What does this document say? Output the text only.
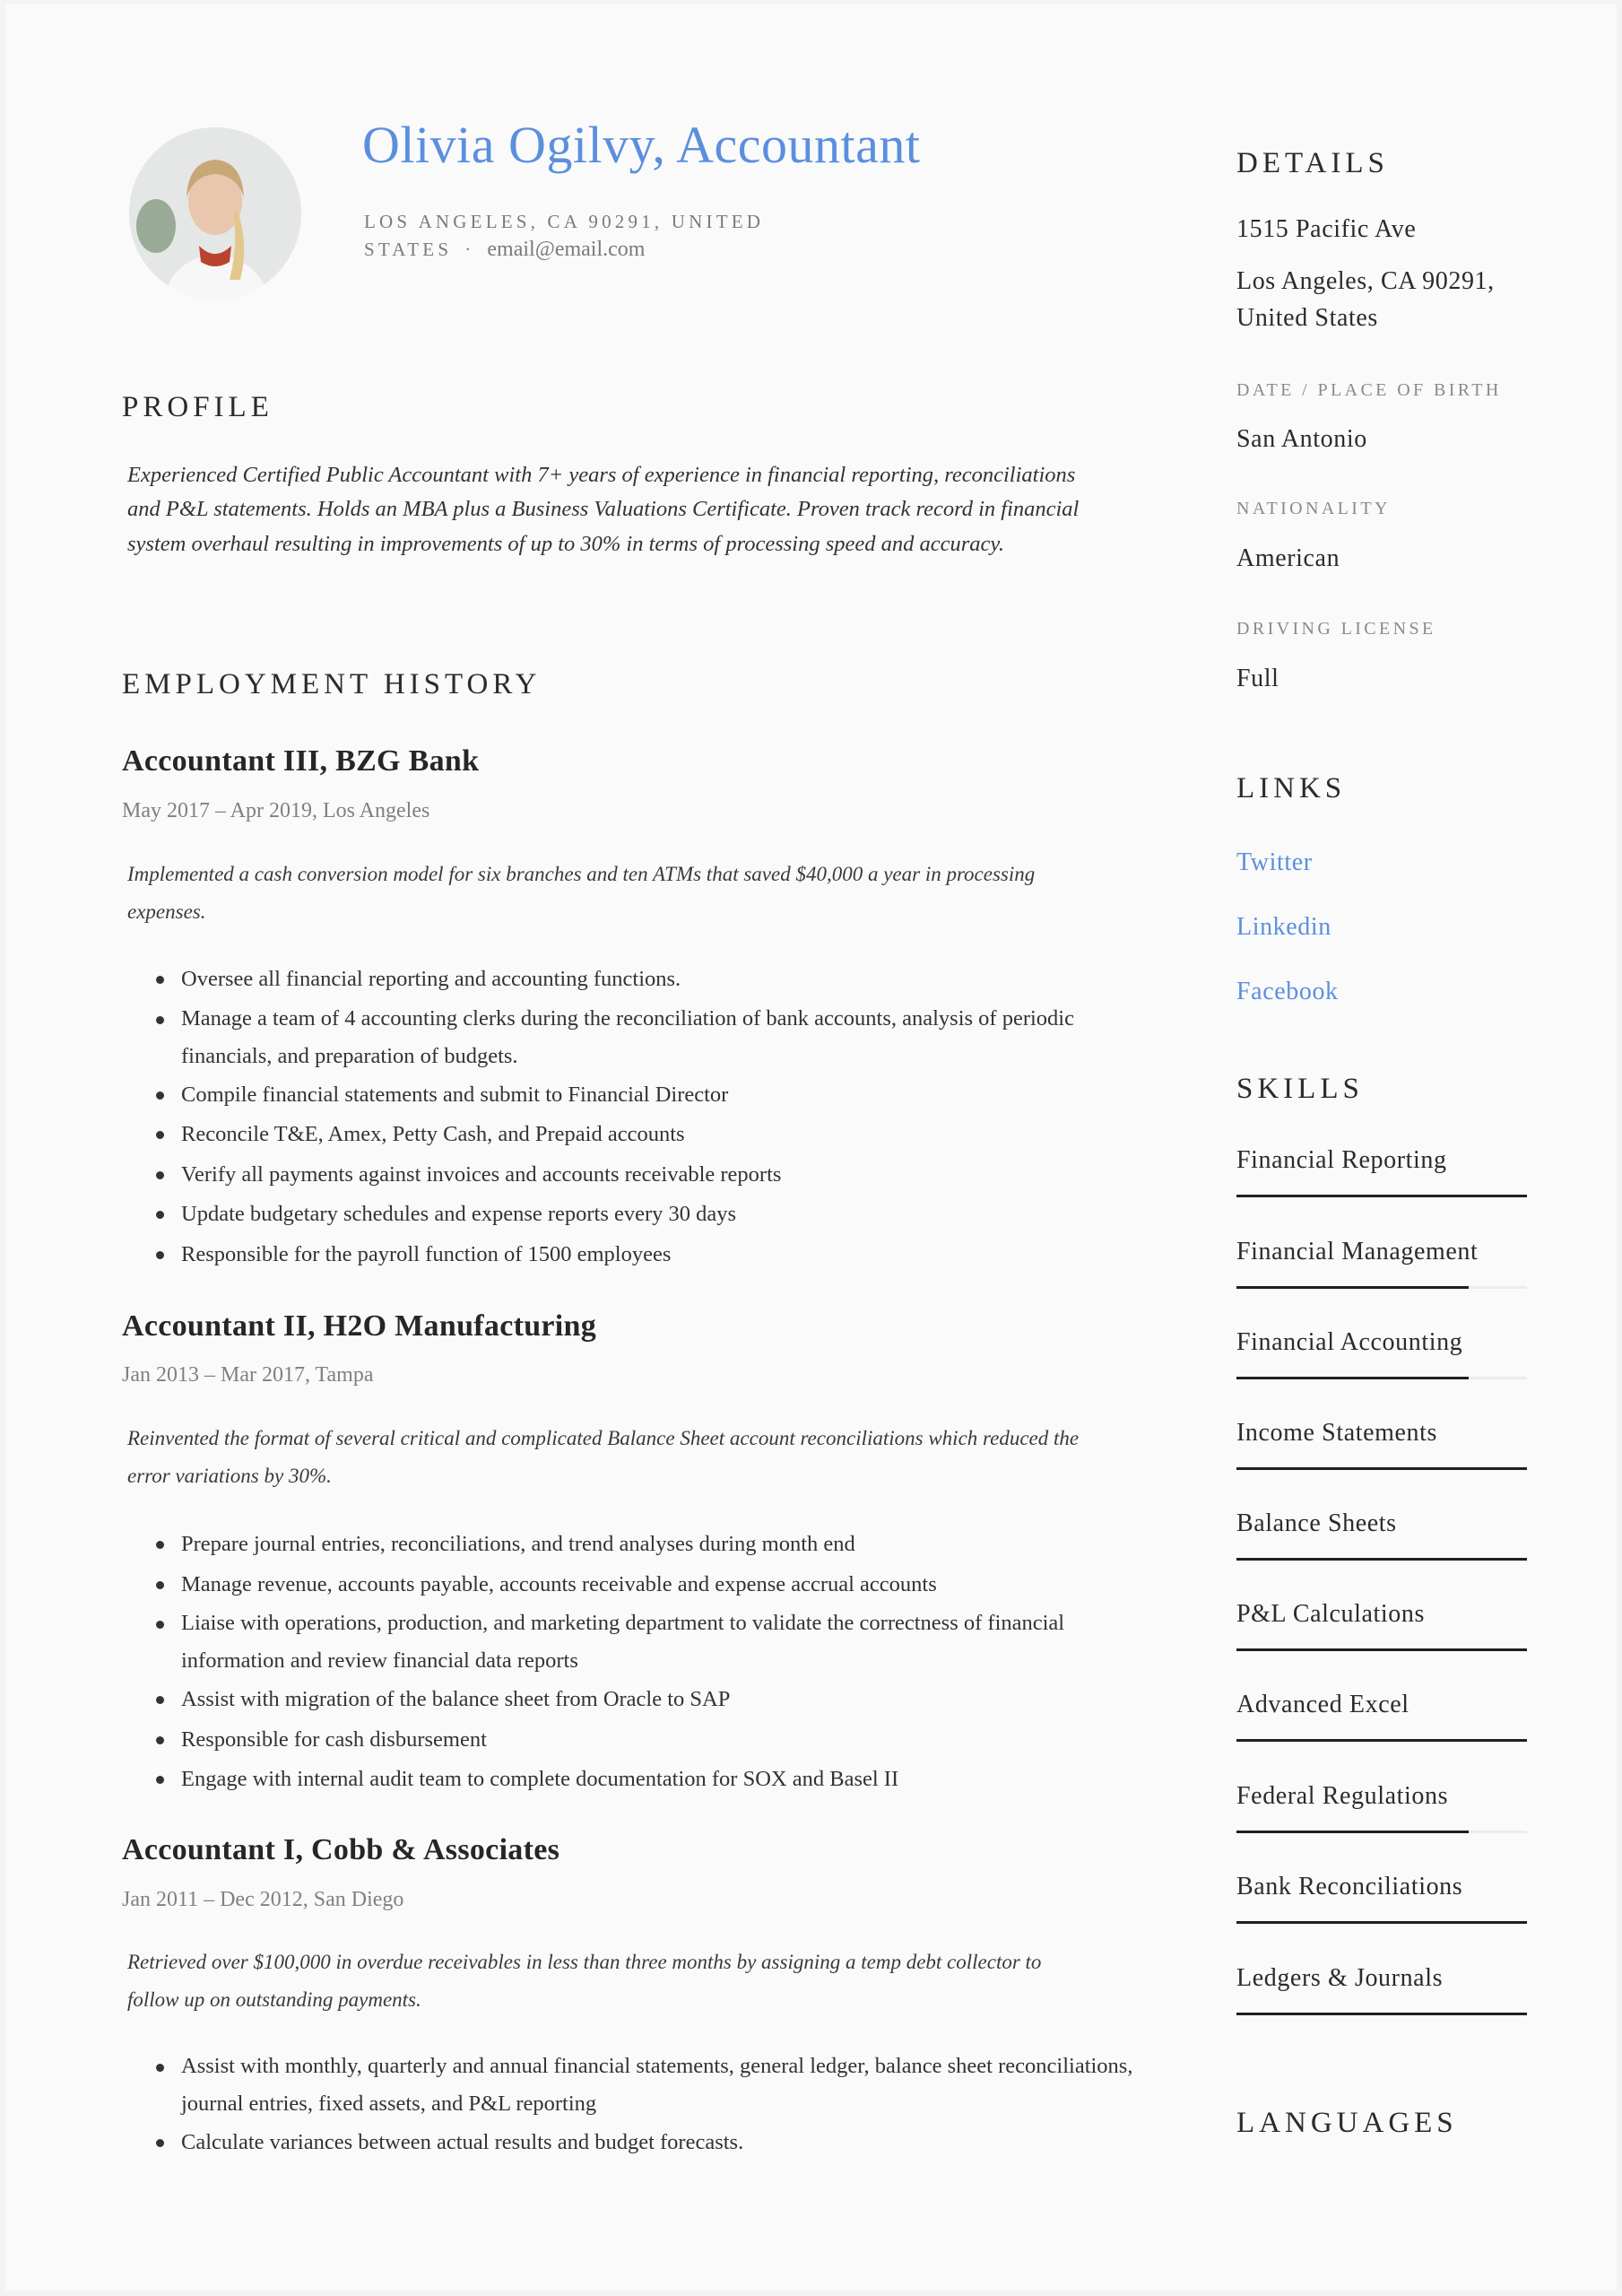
Olivia Ogilvy, Accountant
LOS ANGELES, CA 90291, UNITED
STATES · email@email.com
PROFILE
Experienced Certified Public Accountant with 7+ years of experience in financial reporting, reconciliations and P&L statements. Holds an MBA plus a Business Valuations Certificate. Proven track record in financial system overhaul resulting in improvements of up to 30% in terms of processing speed and accuracy.
EMPLOYMENT HISTORY
Accountant III, BZG Bank
May 2017 – Apr 2019, Los Angeles
Implemented a cash conversion model for six branches and ten ATMs that saved $40,000 a year in processing expenses.
Oversee all financial reporting and accounting functions.
Manage a team of 4 accounting clerks during the reconciliation of bank accounts, analysis of periodic financials, and preparation of budgets.
Compile financial statements and submit to Financial Director
Reconcile T&E, Amex, Petty Cash, and Prepaid accounts
Verify all payments against invoices and accounts receivable reports
Update budgetary schedules and expense reports every 30 days
Responsible for the payroll function of 1500 employees
Accountant II, H2O Manufacturing
Jan 2013 – Mar 2017, Tampa
Reinvented the format of several critical and complicated Balance Sheet account reconciliations which reduced the error variations by 30%.
Prepare journal entries, reconciliations, and trend analyses during month end
Manage revenue, accounts payable, accounts receivable and expense accrual accounts
Liaise with operations, production, and marketing department to validate the correctness of financial information and review financial data reports
Assist with migration of the balance sheet from Oracle to SAP
Responsible for cash disbursement
Engage with internal audit team to complete documentation for SOX and Basel II
Accountant I, Cobb & Associates
Jan 2011 – Dec 2012, San Diego
Retrieved over $100,000 in overdue receivables in less than three months by assigning a temp debt collector to follow up on outstanding payments.
Assist with monthly, quarterly and annual financial statements, general ledger, balance sheet reconciliations, journal entries, fixed assets, and P&L reporting
Calculate variances between actual results and budget forecasts.
DETAILS
1515 Pacific Ave
Los Angeles, CA 90291,
United States
DATE / PLACE OF BIRTH
San Antonio
NATIONALITY
American
DRIVING LICENSE
Full
LINKS
Twitter
Linkedin
Facebook
SKILLS
Financial Reporting
Financial Management
Financial Accounting
Income Statements
Balance Sheets
P&L Calculations
Advanced Excel
Federal Regulations
Bank Reconciliations
Ledgers & Journals
LANGUAGES
